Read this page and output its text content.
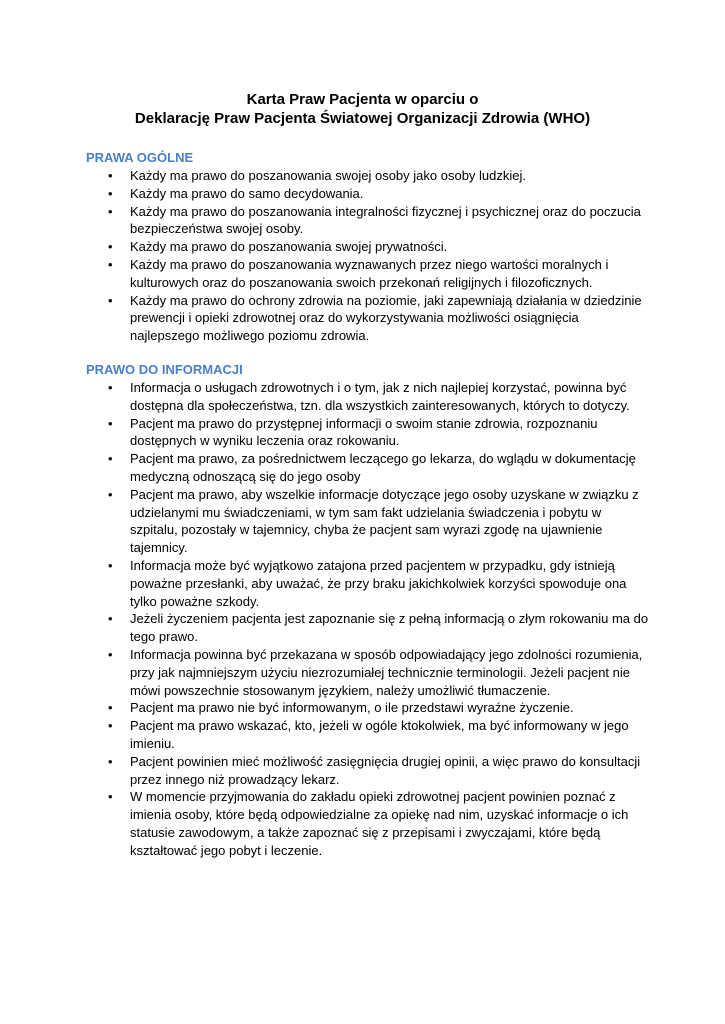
Karta Praw Pacjenta w oparciu o
Deklarację Praw Pacjenta Światowej Organizacji Zdrowia (WHO)
PRAWA OGÓLNE
• Każdy ma prawo do poszanowania swojej osoby jako osoby ludzkiej.
• Każdy ma prawo do samo decydowania.
• Każdy ma prawo do poszanowania integralności fizycznej i psychicznej oraz do poczucia bezpieczeństwa swojej osoby.
• Każdy ma prawo do poszanowania swojej prywatności.
• Każdy ma prawo do poszanowania wyznawanych przez niego wartości moralnych i kulturowych oraz do poszanowania swoich przekonań religijnych i filozoficznych.
• Każdy ma prawo do ochrony zdrowia na poziomie, jaki zapewniają działania w dziedzinie prewencji i opieki zdrowotnej oraz do wykorzystywania możliwości osiągnięcia najlepszego możliwego poziomu zdrowia.
PRAWO DO INFORMACJI
• Informacja o usługach zdrowotnych i o tym, jak z nich najlepiej korzystać, powinna być dostępna dla społeczeństwa, tzn. dla wszystkich zainteresowanych, których to dotyczy.
• Pacjent ma prawo do przystępnej informacji o swoim stanie zdrowia, rozpoznaniu dostępnych w wyniku leczenia oraz rokowaniu.
• Pacjent ma prawo, za pośrednictwem leczącego go lekarza, do wglądu w dokumentację medyczną odnoszącą się do jego osoby
• Pacjent ma prawo, aby wszelkie informacje dotyczące jego osoby uzyskane w związku z udzielanymi mu świadczeniami, w tym sam fakt udzielania świadczenia i pobytu w szpitalu, pozostały w tajemnicy, chyba że pacjent sam wyrazi zgodę na ujawnienie tajemnicy.
• Informacja może być wyjątkowo zatajona przed pacjentem w przypadku, gdy istnieją poważne przesłanki, aby uważać, że przy braku jakichkolwiek korzyści spowoduje ona tylko poważne szkody.
• Jeżeli życzeniem pacjenta jest zapoznanie się z pełną informacją o złym rokowaniu ma do tego prawo.
• Informacja powinna być przekazana w sposób odpowiadający jego zdolności rozumienia, przy jak najmniejszym użyciu niezrozumiałej technicznie terminologii. Jeżeli pacjent nie mówi powszechnie stosowanym językiem, należy umożliwić tłumaczenie.
• Pacjent ma prawo nie być informowanym, o ile przedstawi wyraźne życzenie.
• Pacjent ma prawo wskazać, kto, jeżeli w ogóle ktokolwiek, ma być informowany w jego imieniu.
• Pacjent powinien mieć możliwość zasięgnięcia drugiej opinii, a więc prawo do konsultacji przez innego niż prowadzący lekarz.
• W momencie przyjmowania do zakładu opieki zdrowotnej pacjent powinien poznać z imienia osoby, które będą odpowiedzialne za opiekę nad nim, uzyskać informacje o ich statusie zawodowym, a także zapoznać się z przepisami i zwyczajami, które będą kształtować jego pobyt i leczenie.
